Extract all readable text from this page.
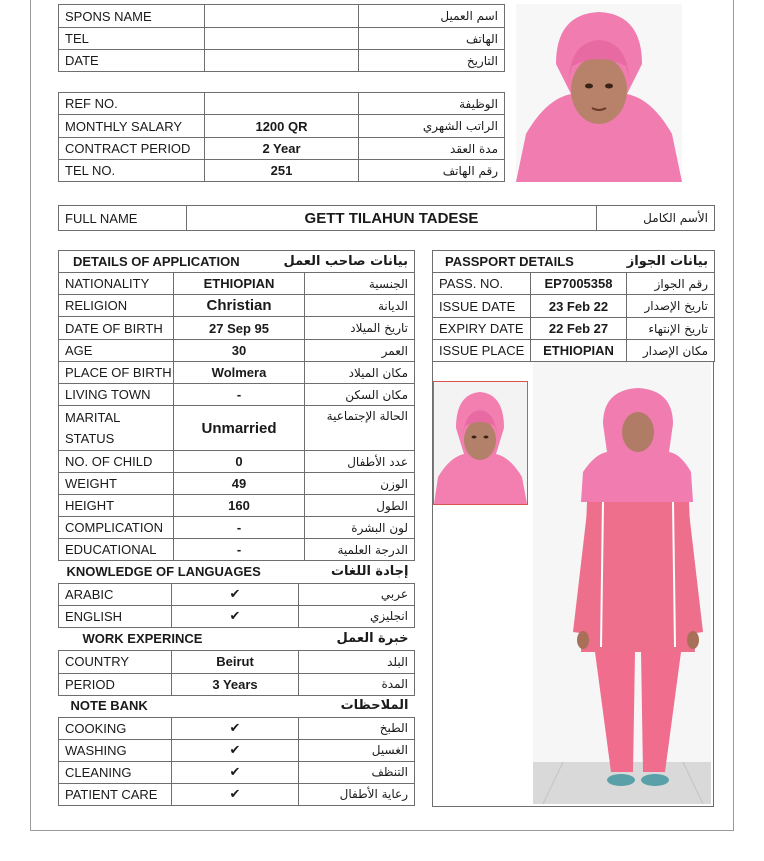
SPONS NAME		اسم العميل
TEL		الهاتف
DATE		التاريخ
REF NO.		الوظيفة
MONTHLY SALARY	1200 QR	الراتب الشهري
CONTRACT PERIOD	2 Year	مدة العقد
TEL NO.	251	رقم الهاتف
FULL NAME	GETT TILAHUN TADESE	الأسم الكامل
DETAILS OF APPLICATION		بيانات صاحب العمل
NATIONALITY	ETHIOPIAN	الجنسية
RELIGION	Christian	الديانة
DATE OF BIRTH	27 Sep 95	تاريخ الميلاد
AGE	30	العمر
PLACE OF BIRTH	Wolmera	مكان الميلاد
LIVING TOWN	-	مكان السكن
MARITAL STATUS	Unmarried	الحالة الإجتماعية
NO. OF CHILD	0	عدد الأطفال
WEIGHT	49	الوزن
HEIGHT	160	الطول
COMPLICATION	-	لون البشرة
EDUCATIONAL	-	الدرجة العلمية
KNOWLEDGE OF LANGUAGES		إجادة اللغات
ARABIC	✔	عربي
ENGLISH	✔	انجليزي
WORK EXPERINCE		خبرة العمل
COUNTRY	Beirut	البلد
PERIOD	3 Years	المدة
NOTE BANK		الملاحظات
COOKING	✔	الطبخ
WASHING	✔	الغسيل
CLEANING	✔	التنظف
PATIENT CARE	✔	رعاية الأطفال
PASSPORT DETAILS		بيانات الجواز
PASS. NO.	EP7005358	رقم الجواز
ISSUE DATE	23 Feb 22	تاريخ الإصدار
EXPIRY DATE	22 Feb 27	تاريخ الإنتهاء
ISSUE PLACE	ETHIOPIAN	مكان الإصدار
